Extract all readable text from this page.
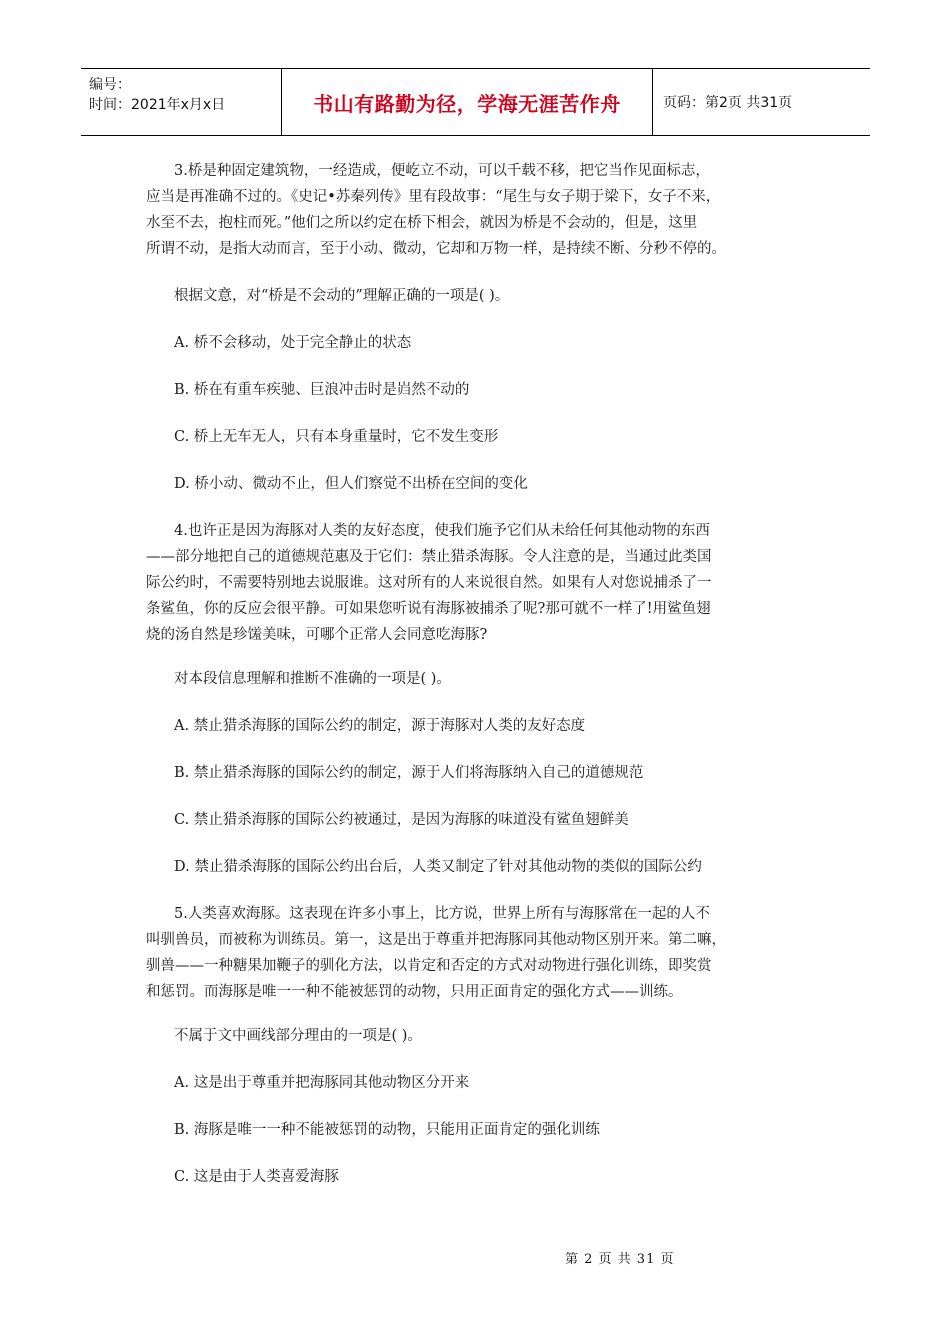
编号：
时间：2021年x月x日	书山有路勤为径，学海无涯苦作舟	页码：第2页 共31页
3.桥是种固定建筑物，一经造成，便屹立不动，可以千载不移，把它当作见面标志，
应当是再准确不过的。《史记•苏秦列传》里有段故事：“尾生与女子期于梁下，女子不来，
水至不去，抱柱而死。”他们之所以约定在桥下相会，就因为桥是不会动的，但是，这里
所谓不动，是指大动而言，至于小动、微动，它却和万物一样，是持续不断、分秒不停的。
根据文意，对“桥是不会动的”理解正确的一项是( )。
A. 桥不会移动，处于完全静止的状态
B. 桥在有重车疾驰、巨浪冲击时是岿然不动的
C. 桥上无车无人，只有本身重量时，它不发生变形
D. 桥小动、微动不止，但人们察觉不出桥在空间的变化
4.也许正是因为海豚对人类的友好态度，使我们施予它们从未给任何其他动物的东西
——部分地把自己的道德规范惠及于它们：禁止猎杀海豚。令人注意的是，当通过此类国
际公约时，不需要特别地去说服谁。这对所有的人来说很自然。如果有人对您说捕杀了一
条鲨鱼，你的反应会很平静。可如果您听说有海豚被捕杀了呢?那可就不一样了!用鲨鱼翅
烧的汤自然是珍馐美味，可哪个正常人会同意吃海豚?
对本段信息理解和推断不准确的一项是( )。
A. 禁止猎杀海豚的国际公约的制定，源于海豚对人类的友好态度
B. 禁止猎杀海豚的国际公约的制定，源于人们将海豚纳入自己的道德规范
C. 禁止猎杀海豚的国际公约被通过，是因为海豚的味道没有鲨鱼翅鲜美
D. 禁止猎杀海豚的国际公约出台后，人类又制定了针对其他动物的类似的国际公约
5.人类喜欢海豚。这表现在许多小事上，比方说，世界上所有与海豚常在一起的人不
叫驯兽员，而被称为训练员。第一，这是出于尊重并把海豚同其他动物区别开来。第二嘛，
驯兽——一种糖果加鞭子的驯化方法，以肯定和否定的方式对动物进行强化训练，即奖赏
和惩罚。而海豚是唯一一种不能被惩罚的动物，只用正面肯定的强化方式——训练。
不属于文中画线部分理由的一项是( )。
A. 这是出于尊重并把海豚同其他动物区分开来
B. 海豚是唯一一种不能被惩罚的动物，只能用正面肯定的强化训练
C. 这是由于人类喜爱海豚
第 2 页 共 31 页
